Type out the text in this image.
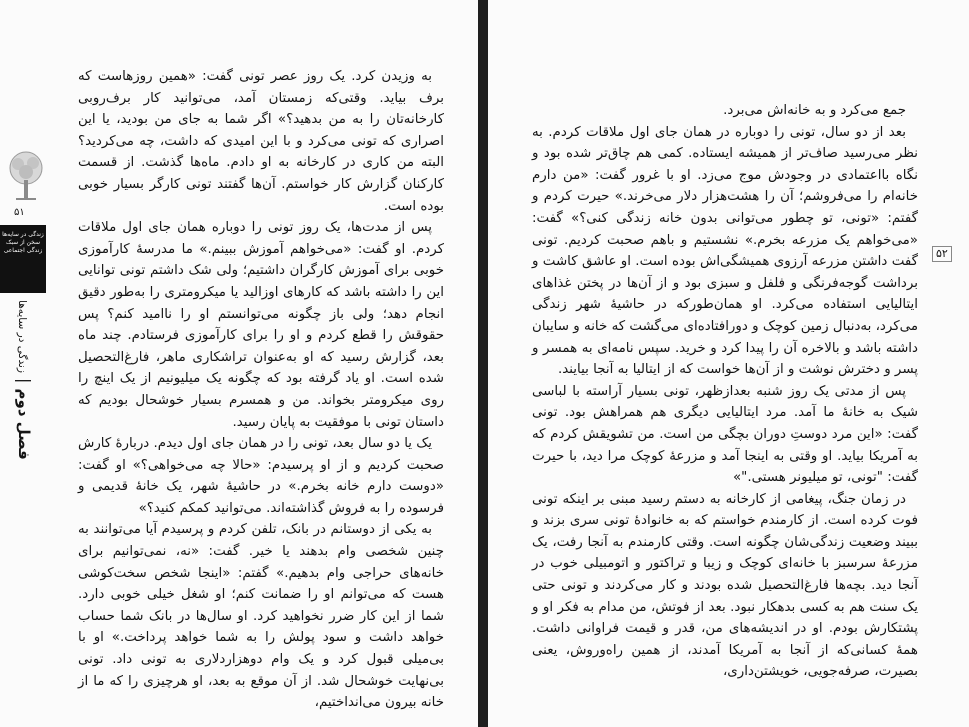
۵۱
زندگی در سایه‌ها
سخن از سبک
زندگی اجتماعی
فصل دوم | زندگی در سایه‌ها

به وزیدن کرد. یک روز عصر تونی گفت: «همین روزهاست که برف بیاید. وقتی‌که زمستان آمد، می‌توانید کار برف‌روبی کارخانه‌تان را به من بدهید؟» اگر شما به جای من بودید، یا این اصراری که تونی می‌کرد و با این امیدی که داشت، چه می‌کردید؟ البته من کاری در کارخانه به او دادم. ماه‌ها گذشت. از قسمت کارکنان گزارش کار خواستم. آن‌ها گفتند تونی کارگر بسیار خوبی بوده است.

پس از مدت‌ها، یک روز تونی را دوباره همان جای اول ملاقات کردم. او گفت: «می‌خواهم آموزش ببینم.» ما مدرسهٔ کارآموزی خوبی برای آموزش کارگران داشتیم؛ ولی شک داشتم تونی توانایی این را داشته باشد که کارهای اوزالید یا میکرومتری را به‌طور دقیق انجام دهد؛ ولی باز چگونه می‌توانستم او را ناامید کنم؟ پس حقوقش را قطع کردم و او را برای کارآموزی فرستادم. چند ماه بعد، گزارش رسید که او به‌عنوان تراشکاری ماهر، فارغ‌التحصیل شده است. او یاد گرفته بود که چگونه یک میلیونیم از یک اینچ را روی میکرومتر بخواند. من و همسرم بسیار خوشحال بودیم که داستان تونی با موفقیت به پایان رسید.

یک یا دو سال بعد، تونی را در همان جای اول دیدم. دربارهٔ کارش صحبت کردیم و از او پرسیدم: «حالا چه می‌خواهی؟» او گفت: «دوست دارم خانه بخرم.» در حاشیهٔ شهر، یک خانهٔ قدیمی و فرسوده را به فروش گذاشته‌اند. می‌توانید کمکم کنید؟»

به یکی از دوستانم در بانک، تلفن کردم و پرسیدم آیا می‌توانند به چنین شخصی وام بدهند یا خیر. گفت: «نه، نمی‌توانیم برای خانه‌های حراجی وام بدهیم.» گفتم: «اینجا شخص سخت‌کوشی هست که می‌توانم او را ضمانت کنم؛ او شغل خیلی خوبی دارد. شما از این کار ضرر نخواهید کرد. او سال‌ها در بانک شما حساب خواهد داشت و سود پولش را به شما خواهد پرداخت.» او با بی‌میلی قبول کرد و یک وام دوهزاردلاری به تونی داد. تونی بی‌نهایت خوشحال شد. از آن موقع به بعد، او هرچیزی را که ما از خانه بیرون می‌انداختیم،

۵۲

جمع می‌کرد و به خانه‌اش می‌برد.

بعد از دو سال، تونی را دوباره در همان جای اول ملاقات کردم. به نظر می‌رسید صاف‌تر از همیشه ایستاده. کمی هم چاق‌تر شده بود و نگاه بااعتمادی در وجودش موج می‌زد. او با غرور گفت: «من دارم خانه‌ام را می‌فروشم؛ آن را هشت‌هزار دلار می‌خرند.» حیرت کردم و گفتم: «تونی، تو چطور می‌توانی بدون خانه زندگی کنی؟» گفت: «می‌خواهم یک مزرعه بخرم.» نشستیم و باهم صحبت کردیم. تونی گفت داشتن مزرعه آرزوی همیشگی‌اش بوده است. او عاشق کاشت و برداشت گوجه‌فرنگی و فلفل و سبزی بود و از آن‌ها در پختن غذاهای ایتالیایی استفاده می‌کرد. او همان‌طورکه در حاشیهٔ شهر زندگی می‌کرد، به‌دنبال زمین کوچک و دورافتاده‌ای می‌گشت که خانه و سایبان داشته باشد و بالاخره آن را پیدا کرد و خرید. سپس نامه‌ای به همسر و پسر و دخترش نوشت و از آن‌ها خواست که از ایتالیا به آنجا بیایند.

پس از مدتی یک روز شنبه بعدازظهر، تونی بسیار آراسته با لباسی شیک به خانهٔ ما آمد. مرد ایتالیایی دیگری هم همراهش بود. تونی گفت: «این مرد دوستِ دوران بچگی من است. من تشویقش کردم که به آمریکا بیاید. او وقتی به اینجا آمد و مزرعهٔ کوچک مرا دید، با حیرت گفت: "تونی، تو میلیونر هستی."»

در زمان جنگ، پیغامی از کارخانه به دستم رسید مبنی بر اینکه تونی فوت کرده است. از کارمندم خواستم که به خانوادهٔ تونی سری بزند و ببیند وضعیت زندگی‌شان چگونه است. وقتی کارمندم به آنجا رفت، یک مزرعهٔ سرسبز با خانه‌ای کوچک و زیبا و تراکتور و اتومبیلی خوب در آنجا دید. بچه‌ها فارغ‌التحصیل شده بودند و کار می‌کردند و تونی حتی یک سنت هم به کسی بدهکار نبود. بعد از فوتش، من مدام به فکر او و پشتکارش بودم. او در اندیشه‌های من، قدر و قیمت فراوانی داشت. همهٔ کسانی‌که از آنجا به آمریکا آمدند، از همین راه‌وروش، یعنی بصیرت، صرفه‌جویی، خویشتن‌داری،
